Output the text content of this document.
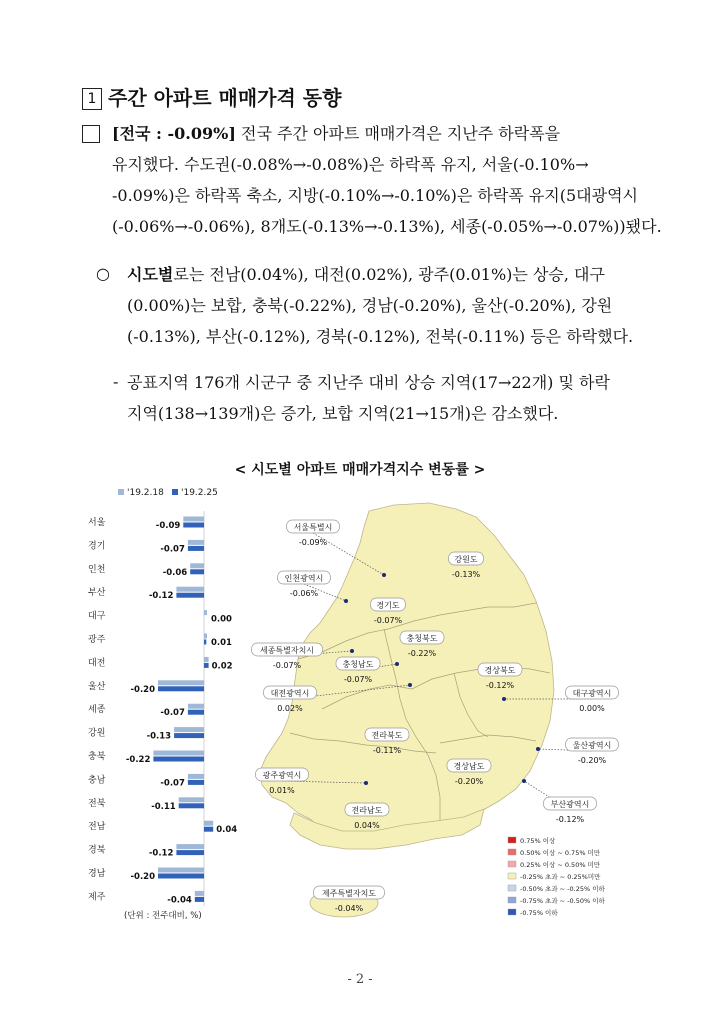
1 주간 아파트 매매가격 동향
[전국 : -0.09%] 전국 주간 아파트 매매가격은 지난주 하락폭을
유지했다. 수도권(-0.08%→-0.08%)은 하락폭 유지, 서울(-0.10%→
-0.09%)은 하락폭 축소, 지방(-0.10%→-0.10%)은 하락폭 유지(5대광역시
(-0.06%→-0.06%), 8개도(-0.13%→-0.13%), 세종(-0.05%→-0.07%))됐다.
○ 시도별로는 전남(0.04%), 대전(0.02%), 광주(0.01%)는 상승, 대구
(0.00%)는 보합, 충북(-0.22%), 경남(-0.20%), 울산(-0.20%), 강원
(-0.13%), 부산(-0.12%), 경북(-0.12%), 전북(-0.11%) 등은 하락했다.
- 공표지역 176개 시군구 중 지난주 대비 상승 지역(17→22개) 및 하락
지역(138→139개)은 증가, 보합 지역(21→15개)은 감소했다.
< 시도별 아파트 매매가격지수 변동률 >
'19.2.18 '19.2.25
서울	-0.09
경기	-0.07
인천	-0.06
부산	-0.12
대구	0.00
광주	0.01
대전	0.02
울산	-0.20
세종	-0.07
강원	-0.13
충북 -0.22
충남	-0.07
전북	-0.11
전남	0.04
경북	-0.12
경남	-0.20
제주	-0.04
(단위 : 전주대비, %)
서울특별시
-0.09%
강원도
-0.13%
인천광역시
-0.06%
경기도
-0.07%
충청북도
-0.22%
세종특별자치시
-0.07%	충청남도
-0.07%
경상북도
-0.12%
대전광역시
0.02%
대구광역시
0.00%
전라북도
-0.11%
울산광역시
-0.20%
경상남도
-0.20%
광주광역시
0.01%
부산광역시
-0.12%
전라남도
0.04%
제주특별자치도
-0.04%
0.75% 이상
0.50% 이상 ~ 0.75% 미만
0.25% 이상 ~ 0.50% 미만
-0.25% 초과 ~ 0.25%미만
-0.50% 초과 ~ -0.25% 이하
-0.75% 초과 ~ -0.50% 이하
-0.75% 이하
- 2 -
